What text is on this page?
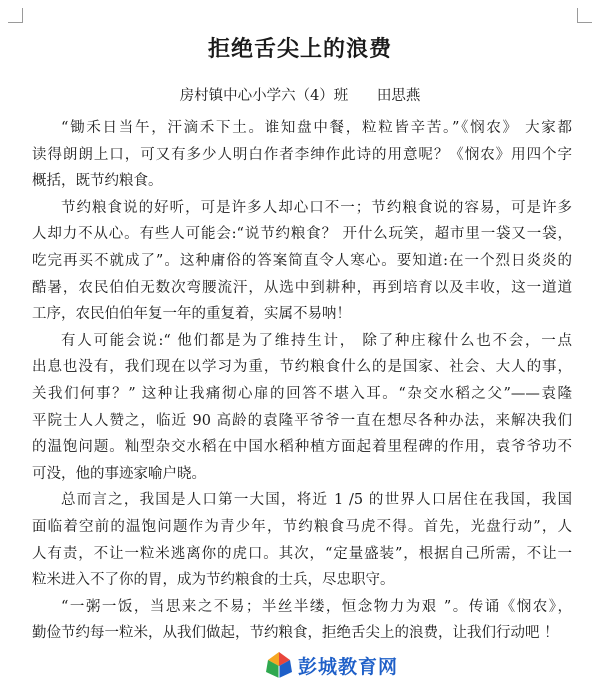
拒绝舌尖上的浪费
房村镇中心小学六（4）班 田思燕
“锄禾日当午，汗滴禾下土。谁知盘中餐，粒粒皆辛苦。”《悯农》 大家都
读得朗朗上口，可又有多少人明白作者李绅作此诗的用意呢？《悯农》用四个字
概括，既节约粮食。
节约粮食说的好听，可是许多人却心口不一；节约粮食说的容易，可是许多
人却力不从心。有些人可能会:“说节约粮食？ 开什么玩笑，超市里一袋又一袋，
吃完再买不就成了”。这种庸俗的答案简直令人寒心。要知道:在一个烈日炎炎的
酷暑，农民伯伯无数次弯腰流汗，从选中到耕种，再到培育以及丰收，这一道道
工序，农民伯伯年复一年的重复着，实属不易呐！
有人可能会说:“ 他们都是为了维持生计， 除了种庄稼什么也不会，一点
出息也没有，我们现在以学习为重，节约粮食什么的是国家、社会、大人的事，
关我们何事？” 这种让我痛彻心扉的回答不堪入耳。“杂交水稻之父”——袁隆
平院士人人赞之，临近 90 高龄的袁隆平爷爷一直在想尽各种办法，来解决我们
的温饱问题。籼型杂交水稻在中国水稻种植方面起着里程碑的作用，袁爷爷功不
可没，他的事迹家喻户晓。
总而言之，我国是人口第一大国，将近 1 /5 的世界人口居住在我国，我国
面临着空前的温饱问题作为青少年，节约粮食马虎不得。首先，光盘行动”，人
人有责，不让一粒米逃离你的虎口。其次，“定量盛装”，根据自己所需，不让一
粒米进入不了你的胃，成为节约粮食的士兵，尽忠职守。
“一粥一饭，当思来之不易；半丝半缕，恒念物力为艰 ”。传诵《悯农》，
勤俭节约每一粒米，从我们做起，节约粮食，拒绝舌尖上的浪费，让我们行动吧 ！
彭城教育网
